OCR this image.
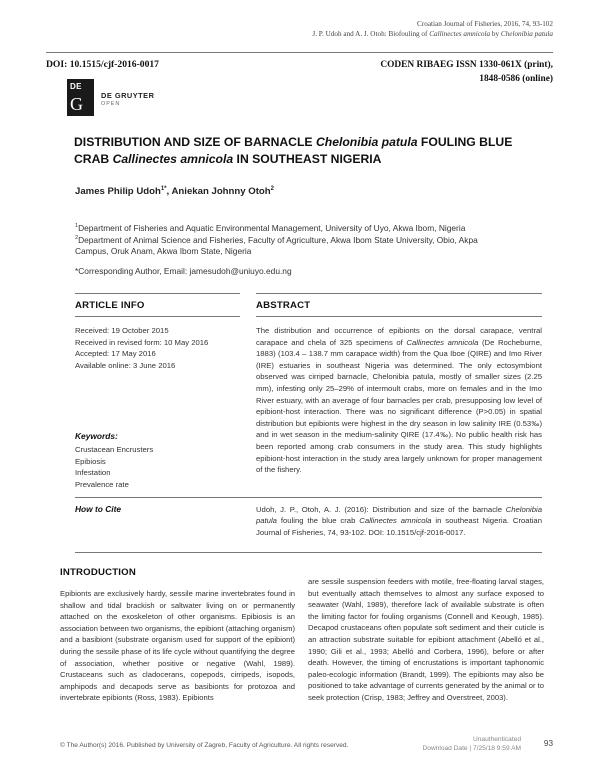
Croatian Journal of Fisheries, 2016, 74, 93-102
J. P. Udoh and A. J. Otoh: Biofouling of Callinectes amnicola by Chelonibia patula
DOI: 10.1515/cjf-2016-0017	CODEN RIBAEG ISSN 1330-061X (print),
1848-0586 (online)
DE
G DE GRUYTER
OPEN
DISTRIBUTION AND SIZE OF BARNACLE Chelonibia patula FOULING BLUE CRAB Callinectes amnicola IN SOUTHEAST NIGERIA
James Philip Udoh$^{1*}$, Aniekan Johnny Otoh$^2$
$^1$Department of Fisheries and Aquatic Environmental Management, University of Uyo, Akwa Ibom, Nigeria
$^2$Department of Animal Science and Fisheries, Faculty of Agriculture, Akwa Ibom State University, Obio, Akpa
Campus, Oruk Anam, Akwa Ibom State, Nigeria
*Corresponding Author, Email: jamesudoh@uniuyo.edu.ng
ARTICLE INFO	ABSTRACT
Received: 19 October 2015
Received in revised form: 10 May 2016
Accepted: 17 May 2016
Available online: 3 June 2016
Keywords:
Crustacean Encrusters
Epibiosis
Infestation
Prevalence rate
The distribution and occurrence of epibionts on the dorsal carapace, ventral carapace and chela of 325 specimens of Callinectes amnicola (De Rocheburne, 1883) (103.4 – 138.7 mm carapace width) from the Qua Iboe (QIRE) and Imo River (IRE) estuaries in southeast Nigeria was determined. The only ectosymbiont observed was cirriped barnacle, Chelonibia patula, mostly of smaller sizes (2.25 mm), infesting only 25–29% of intermoult crabs, more on females and in the Imo River estuary, with an average of four barnacles per crab, presupposing low level of epibiont-host interaction. There was no significant difference (P>0.05) in spatial distribution but epibionts were highest in the dry season in low salinity IRE (0.53‰) and in wet season in the medium-salinity QIRE (17.4‰). No public health risk has been reported among crab consumers in the study area. This study highlights epibiont-host interaction in the study area largely unknown for proper management of the fishery.
How to Cite	Udoh, J. P., Otoh, A. J. (2016): Distribution and size of the barnacle Chelonibia patula fouling the blue crab Callinectes amnicola in southeast Nigeria. Croatian Journal of Fisheries, 74, 93-102. DOI: 10.1515/cjf-2016-0017.
INTRODUCTION
Epibionts are exclusively hardy, sessile marine invertebrates found in shallow and tidal brackish or saltwater living on or permanently attached on the exoskeleton of other organisms. Epibiosis is an association between two organisms, the epibiont (attaching organism) and a basibiont (substrate organism used for support of the epibiont) during the sessile phase of its life cycle without quantifying the degree of association, whether positive or negative (Wahl, 1989). Crustaceans such as cladocerans, copepods, cirripeds, isopods, amphipods and decapods serve as basibionts for protozoa and invertebrate epibionts (Ross, 1983). Epibionts
are sessile suspension feeders with motile, free-floating larval stages, but eventually attach themselves to almost any surface exposed to seawater (Wahl, 1989), therefore lack of available substrate is often the limiting factor for fouling organisms (Connell and Keough, 1985). Decapod crustaceans often populate soft sediment and their cuticle is an attraction substrate suitable for epibiont attachment (Abelló et al., 1990; Gili et al., 1993; Abelló and Corbera, 1996), before or after death. However, the timing of encrustations is important taphonomic paleo-ecologic information (Brandt, 1999). The epibionts may also be positioned to take advantage of currents generated by the animal or to seek protection (Crisp, 1983; Jeffrey and Overstreet, 2003).
© The Author(s) 2016. Published by University of Zagreb, Faculty of Agriculture. All rights reserved.
Unauthenticated
Download Date | 7/25/18 9:59 AM
93
